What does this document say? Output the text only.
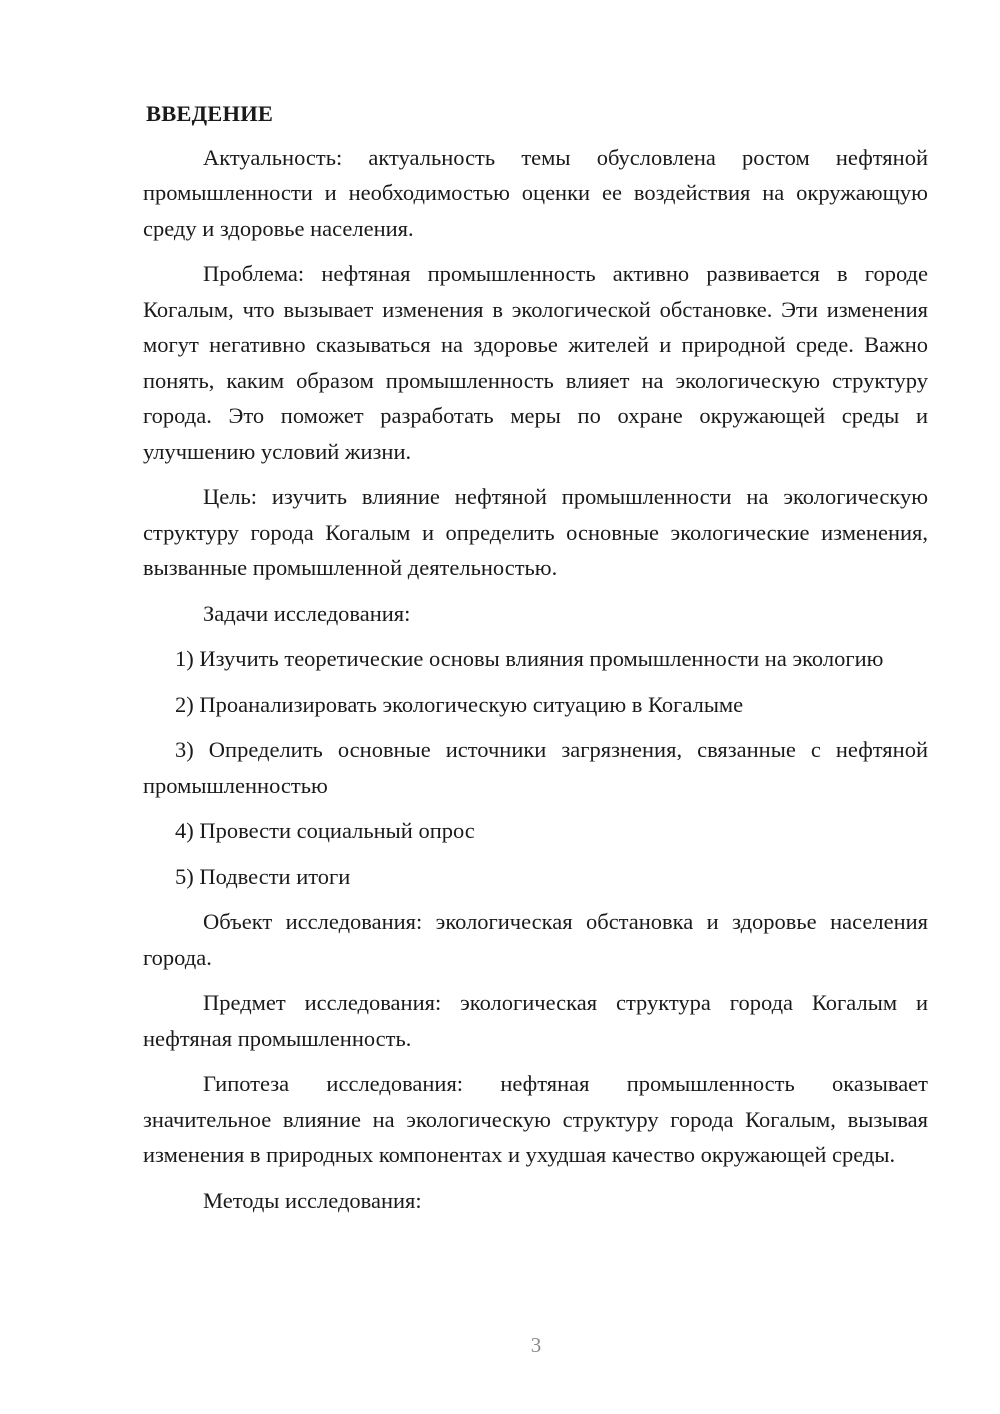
ВВЕДЕНИЕ

Актуальность: актуальность темы обусловлена ростом нефтяной промышленности и необходимостью оценки ее воздействия на окружающую среду и здоровье населения.

Проблема: нефтяная промышленность активно развивается в городе Когалым, что вызывает изменения в экологической обстановке. Эти изменения могут негативно сказываться на здоровье жителей и природной среде. Важно понять, каким образом промышленность влияет на экологическую структуру города. Это поможет разработать меры по охране окружающей среды и улучшению условий жизни.

Цель: изучить влияние нефтяной промышленности на экологическую структуру города Когалым и определить основные экологические изменения, вызванные промышленной деятельностью.

Задачи исследования:

1) Изучить теоретические основы влияния промышленности на экологию

2) Проанализировать экологическую ситуацию в Когалыме

3) Определить основные источники загрязнения, связанные с нефтяной промышленностью

4) Провести социальный опрос

5) Подвести итоги

Объект исследования: экологическая обстановка и здоровье населения города.

Предмет исследования: экологическая структура города Когалым и нефтяная промышленность.

Гипотеза исследования: нефтяная промышленность оказывает значительное влияние на экологическую структуру города Когалым, вызывая изменения в природных компонентах и ухудшая качество окружающей среды.

Методы исследования:

3
